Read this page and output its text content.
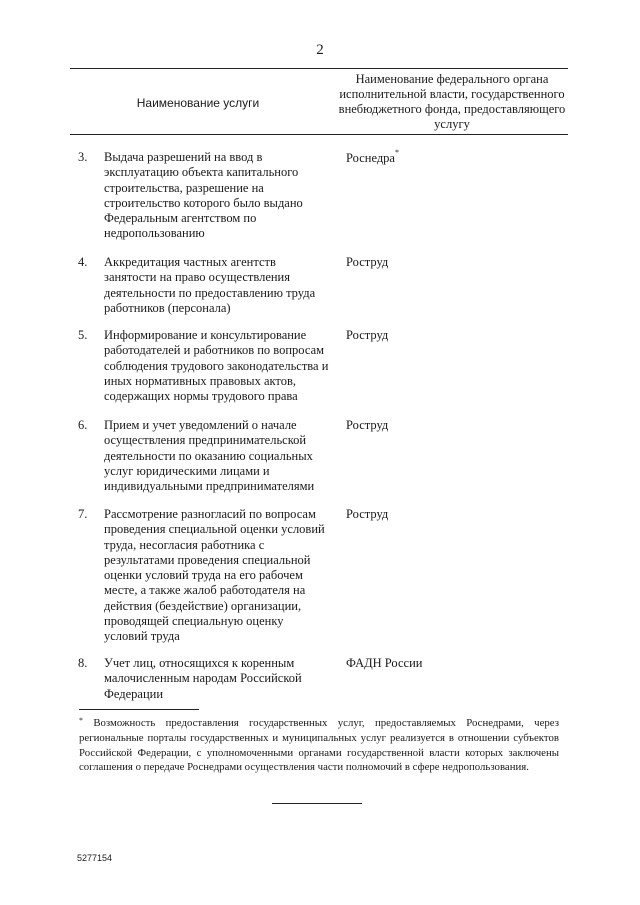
2
Наименование услуги
Наименование федерального органа исполнительной власти, государственного внебюджетного фонда, предоставляющего услугу
3. Выдача разрешений на ввод в эксплуатацию объекта капитального строительства, разрешение на строительство которого было выдано Федеральным агентством по недропользованию
Роснедра*
4. Аккредитация частных агентств занятости на право осуществления деятельности по предоставлению труда работников (персонала)
Роструд
5. Информирование и консультирование работодателей и работников по вопросам соблюдения трудового законодательства и иных нормативных правовых актов, содержащих нормы трудового права
Роструд
6. Прием и учет уведомлений о начале осуществления предпринимательской деятельности по оказанию социальных услуг юридическими лицами и индивидуальными предпринимателями
Роструд
7. Рассмотрение разногласий по вопросам проведения специальной оценки условий труда, несогласия работника с результатами проведения специальной оценки условий труда на его рабочем месте, а также жалоб работодателя на действия (бездействие) организации, проводящей специальную оценку условий труда
Роструд
8. Учет лиц, относящихся к коренным малочисленным народам Российской Федерации
ФАДН России
* Возможность предоставления государственных услуг, предоставляемых Роснедрами, через региональные порталы государственных и муниципальных услуг реализуется в отношении субъектов Российской Федерации, с уполномоченными органами государственной власти которых заключены соглашения о передаче Роснедрами осуществления части полномочий в сфере недропользования.
5277154
